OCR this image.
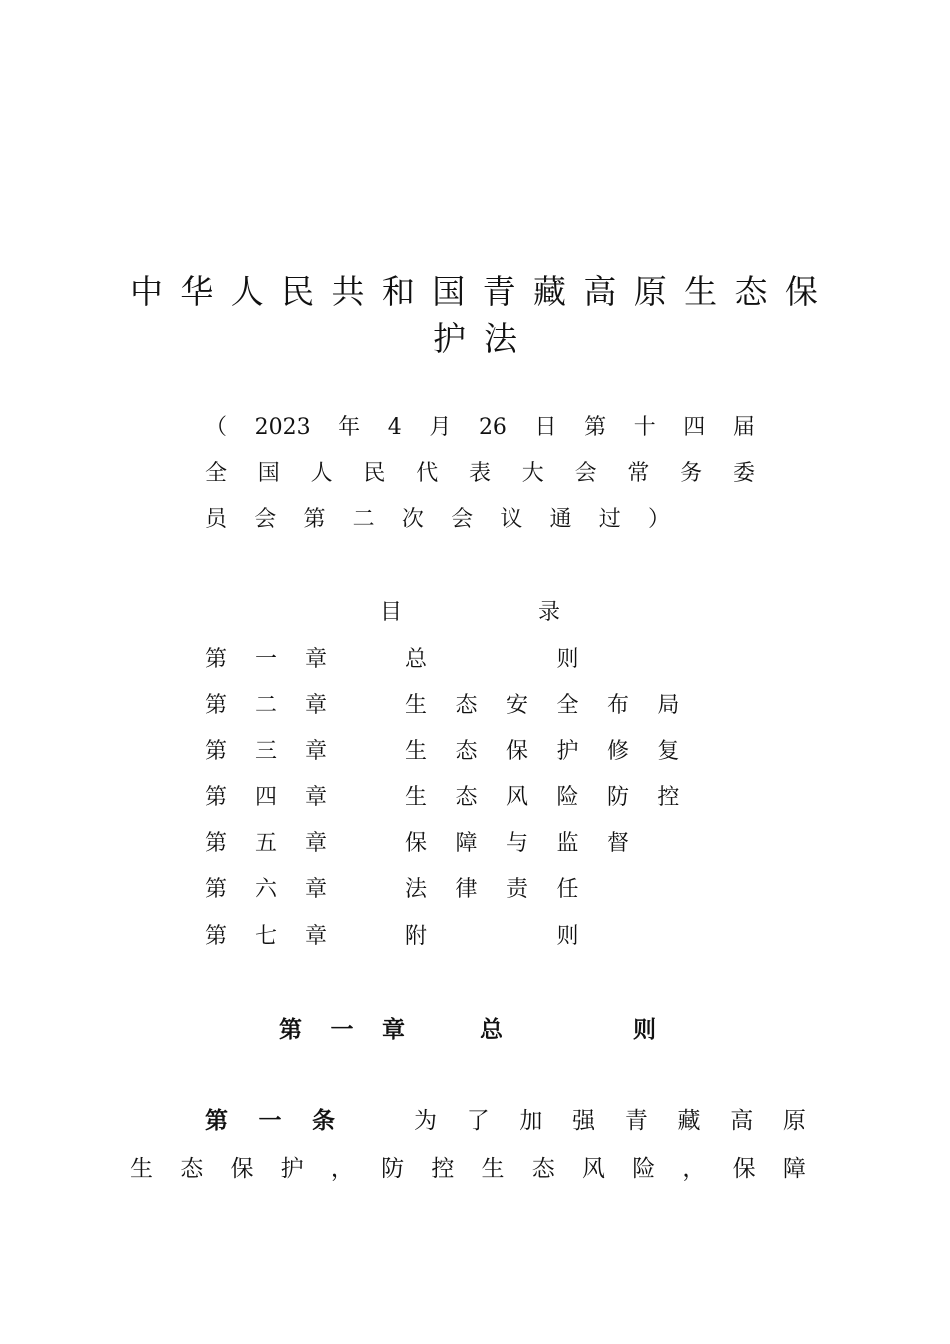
中 华 人 民 共 和 国 青 藏 高 原 生 态 保
护 法
（ 2023 年 4 月 26 日 第 十 四 届
全 国 人 民 代 表 大 会 常 务 委
员 会 第 二 次 会 议 通 过 ）
目	录
第 一 章	总	则
第 二 章	生 态 安 全 布 局
第 三 章	生 态 保 护 修 复
第 四 章	生 态 风 险 防 控
第 五 章	保 障 与 监 督
第 六 章	法 律 责 任
第 七 章	附	则
第 一 章	总	则
第 一 条	为 了 加 强 青 藏 高 原
生 态 保 护 ， 防 控 生 态 风 险 ， 保 障
